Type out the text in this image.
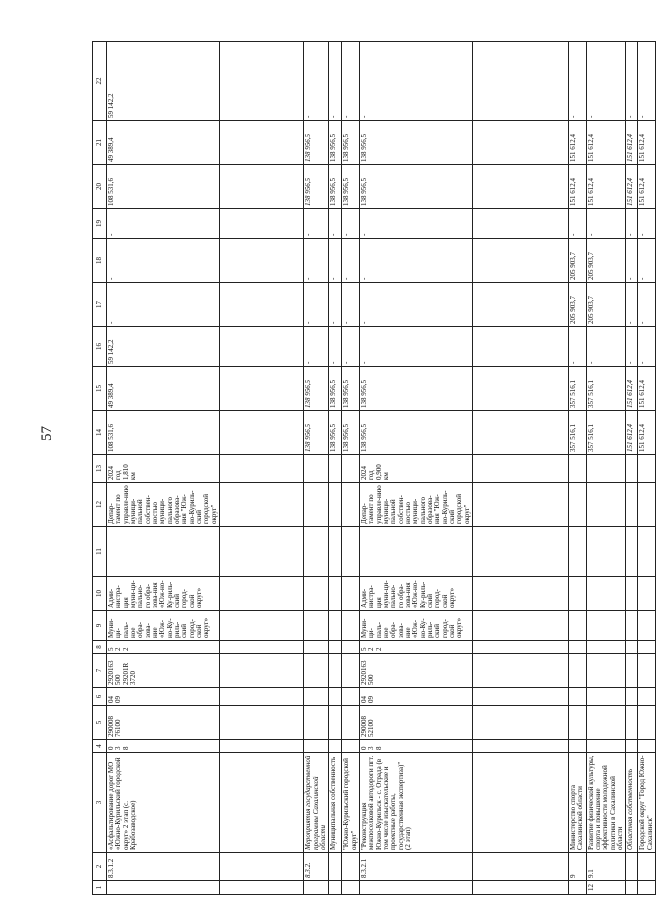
57
1	2	3	4	5	6	7	8	9	10	11	12	13	14	15	16	17	18	19	20	21	22
	8.3.1.2	«Асфальтирование дорог МО «Южно-Курильский городской округ» 2 этап (с. Крабозаводское)	0 3 8	290008 76100	04 09	2920163 500 29201R 3720	5 2 2	Муни-ци-паль-ное обра-зова-ние «Юж-но-Ку-риль-ский город-ской округ»	Адми-нистра-ция муни-ци-пально-го обра-зова-ния «Юж-но-Ку-риль-ский город-ской округ»		Депар-тамент по управле-нию муници-пальной собствен-ностью муници-пального образова-ния "Юж-но-Куриль-ский городской округ"	2024 год 1,810 км	108 531,6	49 389,4	59 142,2	-	-	-	108 531,6	49 389,4	59 142,2

	8.3.2.	Мероприятия государственной программы Сахалинской области											138 956,5	138 956,5	-	-	-	-	138 956,5	138 956,5	-
		Муниципальная собственность											138 956,5	138 956,5	-	-	-	-	138 956,5	138 956,5	-
		"Южно-Курильский городской округ"											138 956,5	138 956,5	-	-	-	-	138 956,5	138 956,5	-
	8.3.2.1	"Реконструкция межпоселковой автодороги пгт. Южно-Курильск - с. Отрада (в том числе изыскательские и проектные работы, государственная экспертиза)" (2 этап)	0 3 8	290008 52100	04 09	2920163 500	5 2 2	Муни-ци-паль-ное обра-зова-ние «Юж-но-Ку-риль-ский город-ской округ»	Адми-нистра-ция муни-ци-пально-го обра-зова-ния «Юж-но-Ку-риль-ский город-ской округ»		Депар-тамент по управле-нию муници-пальной собствен-ностью муници-пального образова-ния "Юж-но-Куриль-ский городской округ"	2024 год 0,900 км	138 956,5	138 956,5	-	-	-	-	138 956,5	138 956,5	-

	9	Министерство спорта Сахалинской области											357 516,1	357 516,1	-	205 903,7	205 903,7	-	151 612,4	151 612,4	-
12	9.1	Развитие физической культуры, спорта и повышение эффективности молодежной политики в Сахалинской области											357 516,1	357 516,1	-	205 903,7	205 903,7	-	151 612,4	151 612,4	-
		Областная собственность											151 612,4	151 612,4	-	-	-	-	151 612,4	151 612,4	-
		Городской округ "Город Южно-Сахалинск"											151 612,4	151 612,4	-	-	-	-	151 612,4	151 612,4	-
